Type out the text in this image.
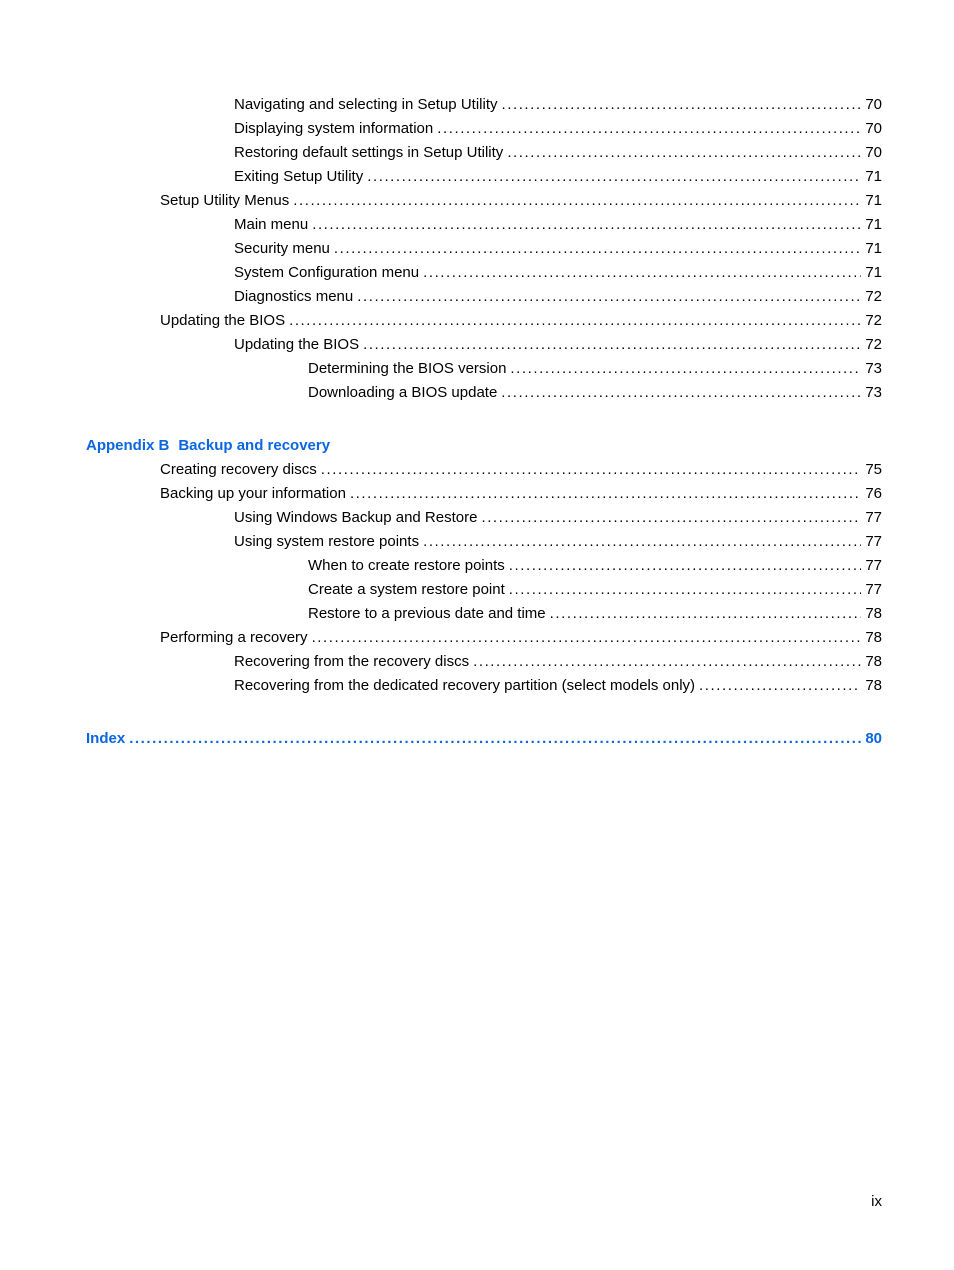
Navigating and selecting in Setup Utility . . .	70
Displaying system information . . .	70
Restoring default settings in Setup Utility . . .	70
Exiting Setup Utility . . .	71
Setup Utility Menus . . .	71
Main menu . . .	71
Security menu . . .	71
System Configuration menu . . .	71
Diagnostics menu . . .	72
Updating the BIOS . . .	72
Updating the BIOS . . .	72
Determining the BIOS version . . .	73
Downloading a BIOS update . . .	73
Appendix B Backup and recovery
Creating recovery discs . . .	75
Backing up your information . . .	76
Using Windows Backup and Restore . . .	77
Using system restore points . . .	77
When to create restore points . . .	77
Create a system restore point . . .	77
Restore to a previous date and time . . .	78
Performing a recovery . . .	78
Recovering from the recovery discs . . .	78
Recovering from the dedicated recovery partition (select models only) . . .	78
Index . . .	80
ix
